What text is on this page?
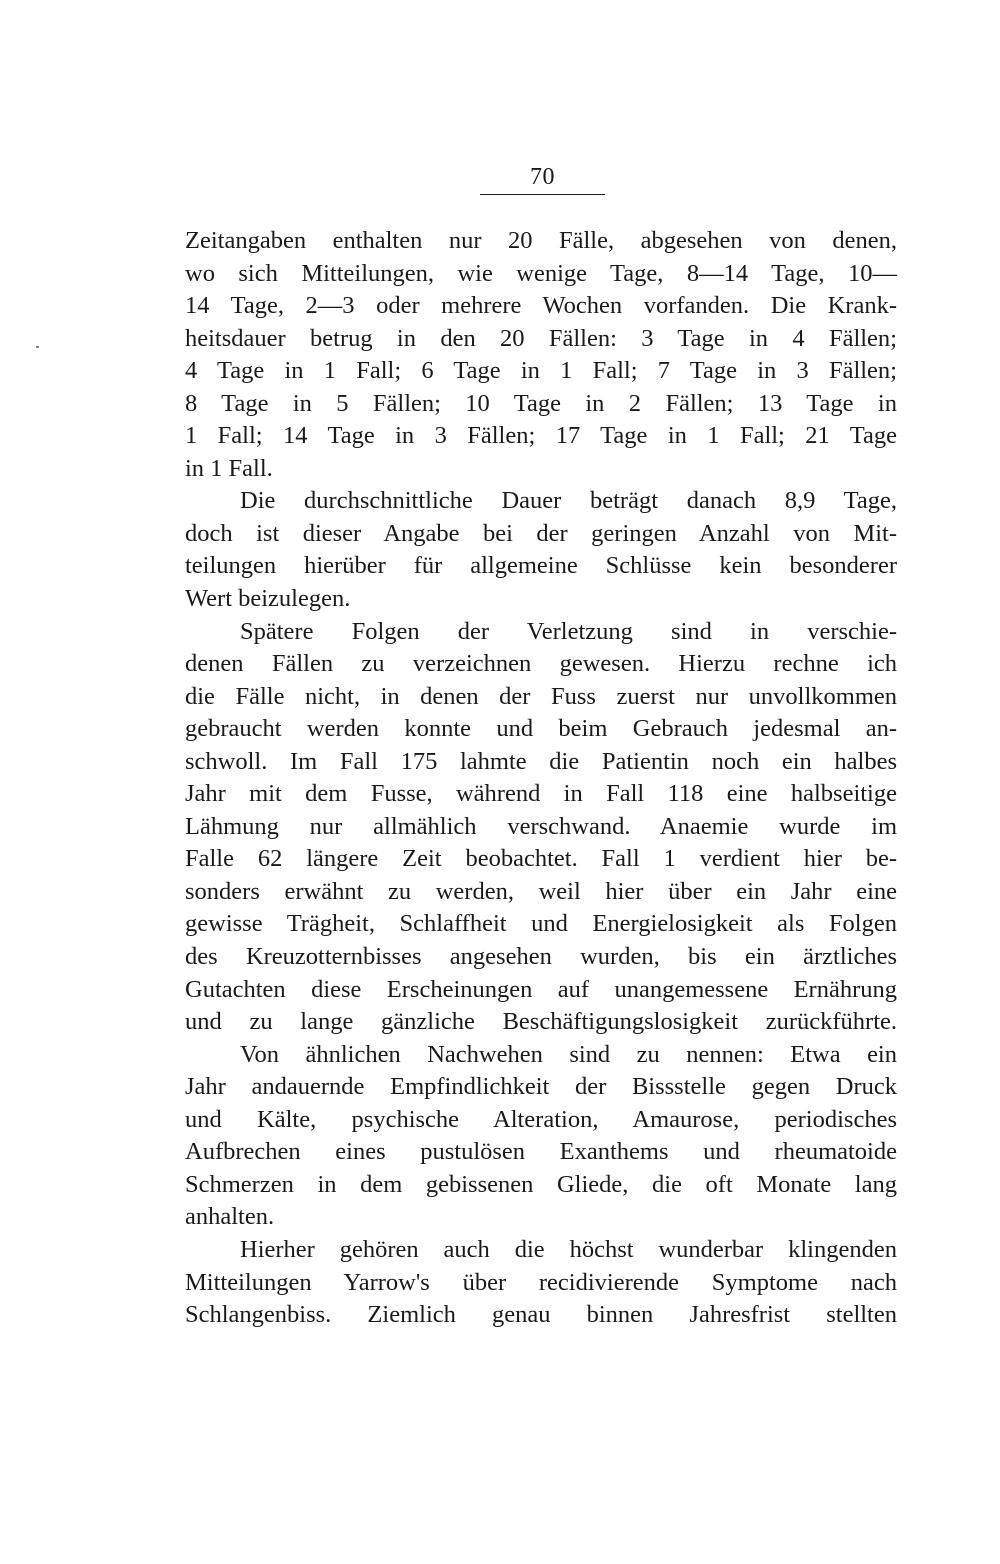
70
Zeitangaben enthalten nur 20 Fälle, abgesehen von denen,
wo sich Mitteilungen, wie wenige Tage, 8—14 Tage, 10—
14 Tage, 2—3 oder mehrere Wochen vorfanden. Die Krank-
heitsdauer betrug in den 20 Fällen: 3 Tage in 4 Fällen;
4 Tage in 1 Fall; 6 Tage in 1 Fall; 7 Tage in 3 Fällen;
8 Tage in 5 Fällen; 10 Tage in 2 Fällen; 13 Tage in
1 Fall; 14 Tage in 3 Fällen; 17 Tage in 1 Fall; 21 Tage
in 1 Fall.
Die durchschnittliche Dauer beträgt danach 8,9 Tage,
doch ist dieser Angabe bei der geringen Anzahl von Mit-
teilungen hierüber für allgemeine Schlüsse kein besonderer
Wert beizulegen.
Spätere Folgen der Verletzung sind in verschie-
denen Fällen zu verzeichnen gewesen. Hierzu rechne ich
die Fälle nicht, in denen der Fuss zuerst nur unvollkommen
gebraucht werden konnte und beim Gebrauch jedesmal an-
schwoll. Im Fall 175 lahmte die Patientin noch ein halbes
Jahr mit dem Fusse, während in Fall 118 eine halbseitige
Lähmung nur allmählich verschwand. Anaemie wurde im
Falle 62 längere Zeit beobachtet. Fall 1 verdient hier be-
sonders erwähnt zu werden, weil hier über ein Jahr eine
gewisse Trägheit, Schlaffheit und Energielosigkeit als Folgen
des Kreuzotternbisses angesehen wurden, bis ein ärztliches
Gutachten diese Erscheinungen auf unangemessene Ernährung
und zu lange gänzliche Beschäftigungslosigkeit zurückführte.
Von ähnlichen Nachwehen sind zu nennen: Etwa ein
Jahr andauernde Empfindlichkeit der Bissstelle gegen Druck
und Kälte, psychische Alteration, Amaurose, periodisches
Aufbrechen eines pustulösen Exanthems und rheumatoide
Schmerzen in dem gebissenen Gliede, die oft Monate lang
anhalten.
Hierher gehören auch die höchst wunderbar klingenden
Mitteilungen Yarrow's über recidivierende Symptome nach
Schlangenbiss. Ziemlich genau binnen Jahresfrist stellten
